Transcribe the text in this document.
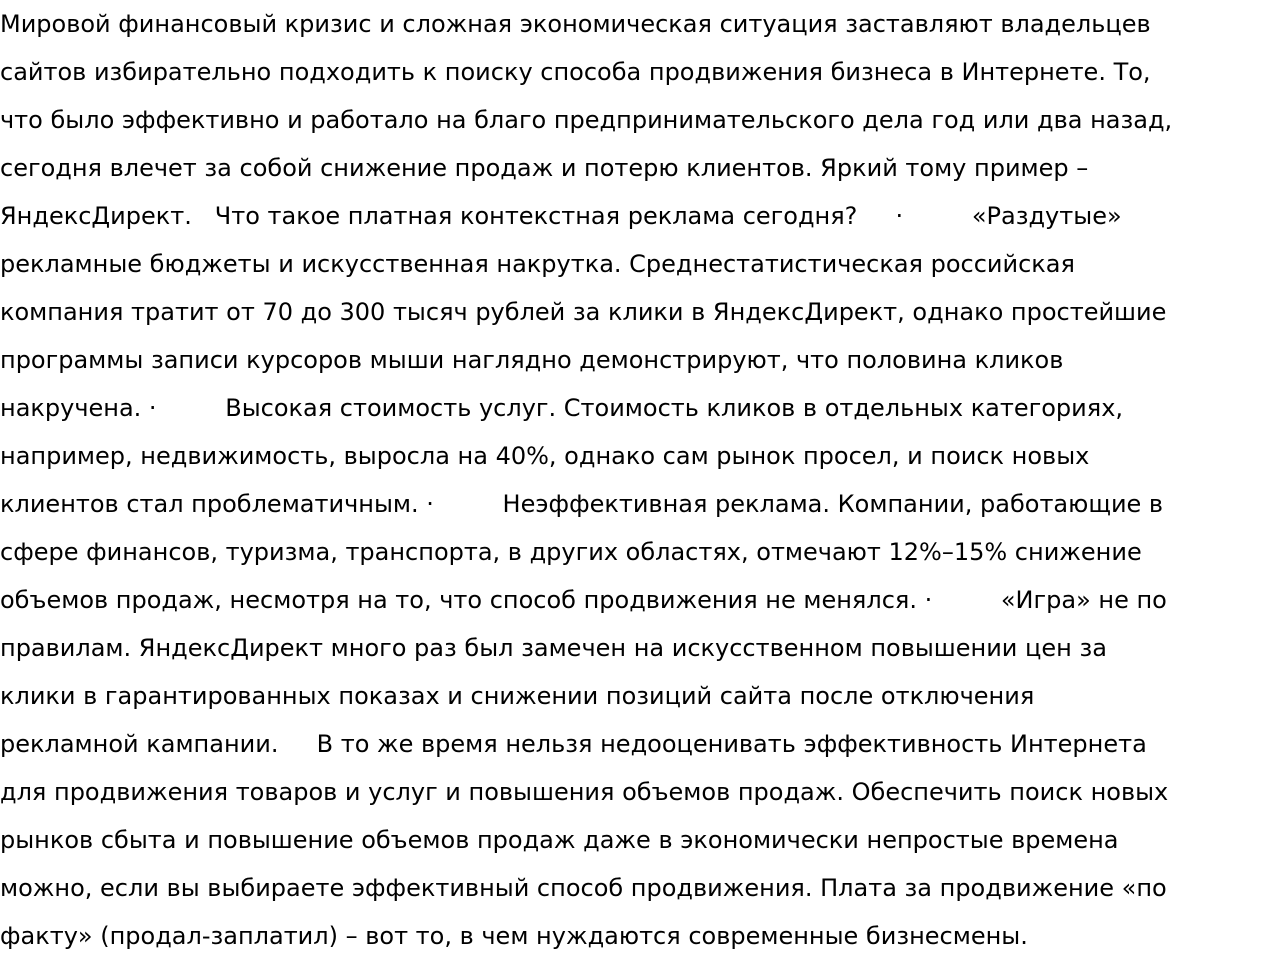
Мировой финансовый кризис и сложная экономическая ситуация заставляют владельцев
сайтов избирательно подходить к поиску способа продвижения бизнеса в Интернете. То,
что было эффективно и работало на благо предпринимательского дела год или два назад,
сегодня влечет за собой снижение продаж и потерю клиентов. Яркий тому пример –
ЯндексДирект.   Что такое платная контекстная реклама сегодня?     ·         «Раздутые»
рекламные бюджеты и искусственная накрутка. Среднестатистическая российская
компания тратит от 70 до 300 тысяч рублей за клики в ЯндексДирект, однако простейшие
программы записи курсоров мыши наглядно демонстрируют, что половина кликов
накручена. ·         Высокая стоимость услуг. Стоимость кликов в отдельных категориях,
например, недвижимость, выросла на 40%, однако сам рынок просел, и поиск новых
клиентов стал проблематичным. ·         Неэффективная реклама. Компании, работающие в
сфере финансов, туризма, транспорта, в других областях, отмечают 12%–15% снижение
объемов продаж, несмотря на то, что способ продвижения не менялся. ·         «Игра» не по
правилам. ЯндексДирект много раз был замечен на искусственном повышении цен за
клики в гарантированных показах и снижении позиций сайта после отключения
рекламной кампании.     В то же время нельзя недооценивать эффективность Интернета
для продвижения товаров и услуг и повышения объемов продаж. Обеспечить поиск новых
рынков сбыта и повышение объемов продаж даже в экономически непростые времена
можно, если вы выбираете эффективный способ продвижения. Плата за продвижение «по
факту» (продал-заплатил) – вот то, в чем нуждаются современные бизнесмены.
